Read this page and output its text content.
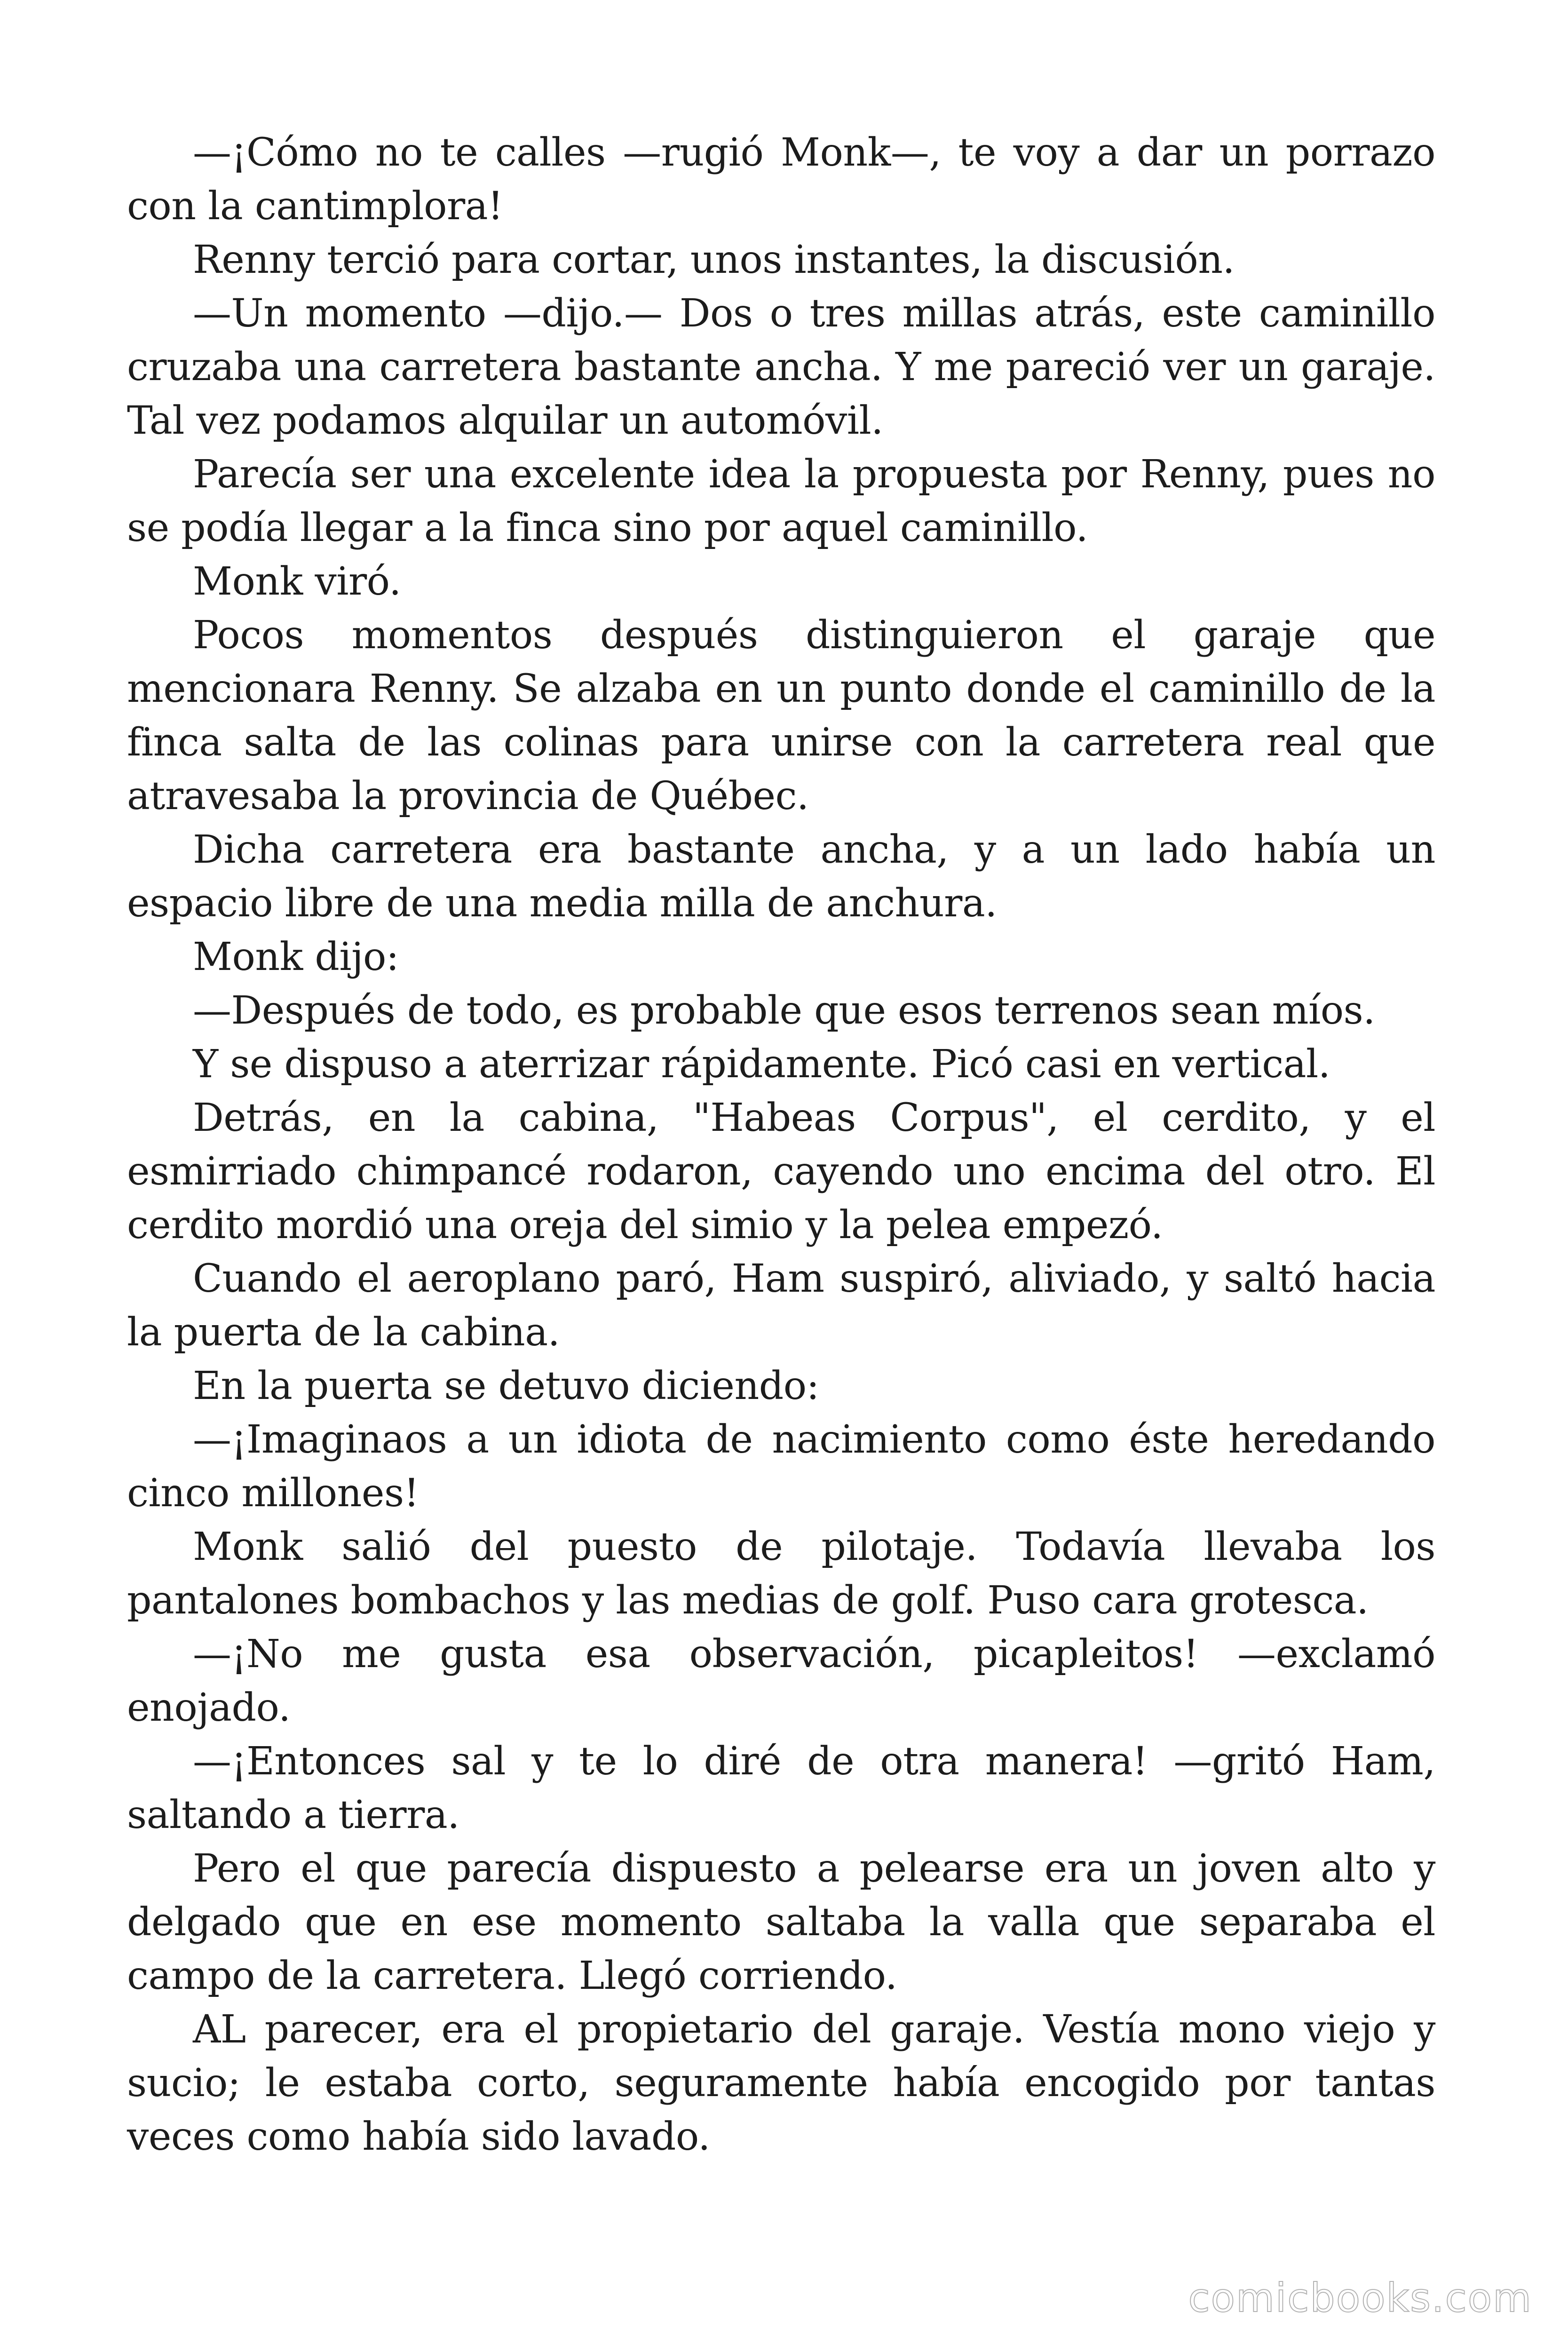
—¡Cómo no te calles —rugió Monk—, te voy a dar un porrazo con la cantimplora!

Renny terció para cortar, unos instantes, la discusión.

—Un momento —dijo.— Dos o tres millas atrás, este caminillo cruzaba una carretera bastante ancha. Y me pareció ver un garaje. Tal vez podamos alquilar un automóvil.

Parecía ser una excelente idea la propuesta por Renny, pues no se podía llegar a la finca sino por aquel caminillo.

Monk viró.

Pocos momentos después distinguieron el garaje que mencionara Renny. Se alzaba en un punto donde el caminillo de la finca salta de las colinas para unirse con la carretera real que atravesaba la provincia de Québec.

Dicha carretera era bastante ancha, y a un lado había un espacio libre de una media milla de anchura.

Monk dijo:

—Después de todo, es probable que esos terrenos sean míos.

Y se dispuso a aterrizar rápidamente. Picó casi en vertical.

Detrás, en la cabina, "Habeas Corpus", el cerdito, y el esmirriado chimpancé rodaron, cayendo uno encima del otro. El cerdito mordió una oreja del simio y la pelea empezó.

Cuando el aeroplano paró, Ham suspiró, aliviado, y saltó hacia la puerta de la cabina.

En la puerta se detuvo diciendo:

—¡Imaginaos a un idiota de nacimiento como éste heredando cinco millones!

Monk salió del puesto de pilotaje. Todavía llevaba los pantalones bombachos y las medias de golf. Puso cara grotesca.

—¡No me gusta esa observación, picapleitos! —exclamó enojado.

—¡Entonces sal y te lo diré de otra manera! —gritó Ham, saltando a tierra.

Pero el que parecía dispuesto a pelearse era un joven alto y delgado que en ese momento saltaba la valla que separaba el campo de la carretera. Llegó corriendo.

AL parecer, era el propietario del garaje. Vestía mono viejo y sucio; le estaba corto, seguramente había encogido por tantas veces como había sido lavado.

comicbooks.com
